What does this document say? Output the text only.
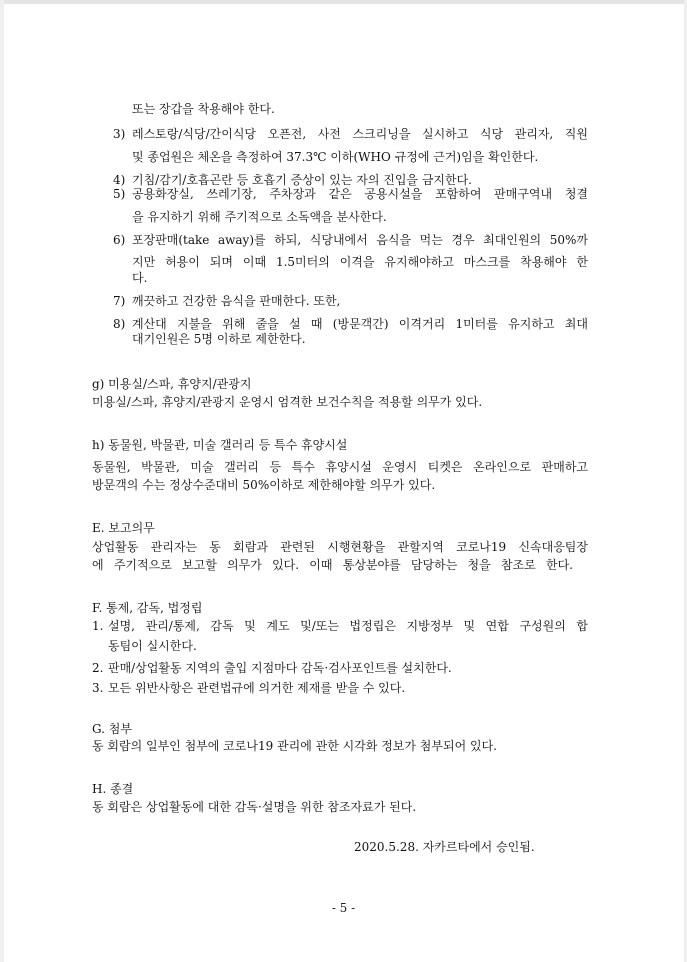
또는 장갑을 착용해야 한다.
3) 레스토랑/식당/간이식당 오픈전, 사전 스크리닝을 실시하고 식당 관리자, 직원
및 종업원은 체온을 측정하여 37.3℃ 이하(WHO 규정에 근거)임을 확인한다.
4) 기침/감기/호흡곤란 등 호흡기 증상이 있는 자의 진입을 금지한다.
5) 공용화장실, 쓰레기장, 주차장과 같은 공용시설을 포함하여 판매구역내 청결
을 유지하기 위해 주기적으로 소독액을 분사한다.
6) 포장판매(take away)를 하되, 식당내에서 음식을 먹는 경우 최대인원의 50%까
지만 허용이 되며 이때 1.5미터의 이격을 유지해야하고 마스크를 착용해야 한
다.
7) 깨끗하고 건강한 음식을 판매한다. 또한,
8) 계산대 지불을 위해 줄을 설 때 (방문객간) 이격거리 1미터를 유지하고 최대
대기인원은 5명 이하로 제한한다.
g) 미용실/스파, 휴양지/관광지
미용실/스파, 휴양지/관광지 운영시 엄격한 보건수칙을 적용할 의무가 있다.
h) 동물원, 박물관, 미술 갤러리 등 특수 휴양시설
동물원, 박물관, 미술 갤러리 등 특수 휴양시설 운영시 티켓은 온라인으로 판매하고
방문객의 수는 정상수준대비 50%이하로 제한해야할 의무가 있다.
E. 보고의무
상업활동 관리자는 동 회람과 관련된 시행현황을 관할지역 코로나19 신속대응팀장
에 주기적으로 보고할 의무가 있다. 이때 통상분야를 담당하는 청을 참조로 한다.
F. 통제, 감독, 법정립
1. 설명, 관리/통제, 감독 및 계도 및/또는 법정립은 지방정부 및 연합 구성원의 합
동팀이 실시한다.
2. 판매/상업활동 지역의 출입 지점마다 감독·검사포인트를 설치한다.
3. 모든 위반사항은 관련법규에 의거한 제재를 받을 수 있다.
G. 첨부
동 회람의 일부인 첨부에 코로나19 관리에 관한 시각화 정보가 첨부되어 있다.
H. 종결
동 회람은 상업활동에 대한 감독·설명을 위한 참조자료가 된다.
2020.5.28. 자카르타에서 승인됨.
- 5 -
